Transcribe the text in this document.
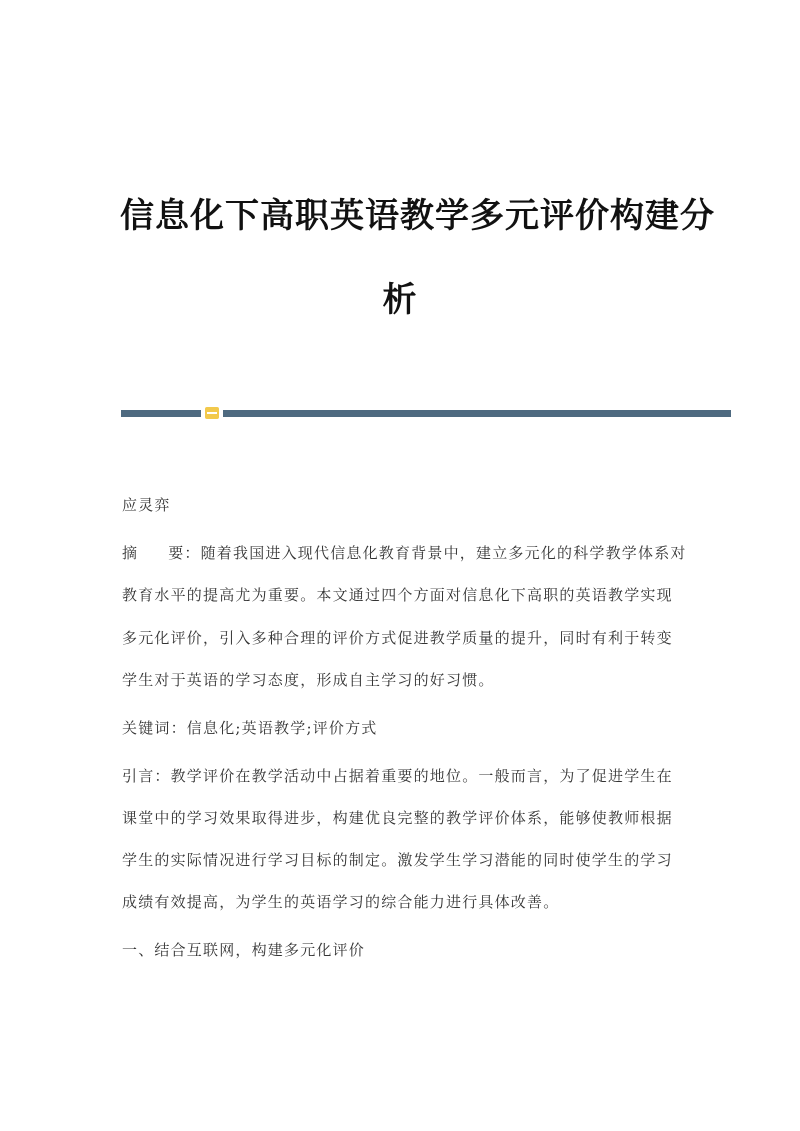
信息化下高职英语教学多元评价构建分
析
应灵弈
摘 要：随着我国进入现代信息化教育背景中，建立多元化的科学教学体系对
教育水平的提高尤为重要。本文通过四个方面对信息化下高职的英语教学实现
多元化评价，引入多种合理的评价方式促进教学质量的提升，同时有利于转变
学生对于英语的学习态度，形成自主学习的好习惯。
关键词：信息化;英语教学;评价方式
引言：教学评价在教学活动中占据着重要的地位。一般而言，为了促进学生在
课堂中的学习效果取得进步，构建优良完整的教学评价体系，能够使教师根据
学生的实际情况进行学习目标的制定。激发学生学习潜能的同时使学生的学习
成绩有效提高，为学生的英语学习的综合能力进行具体改善。
一、结合互联网，构建多元化评价
